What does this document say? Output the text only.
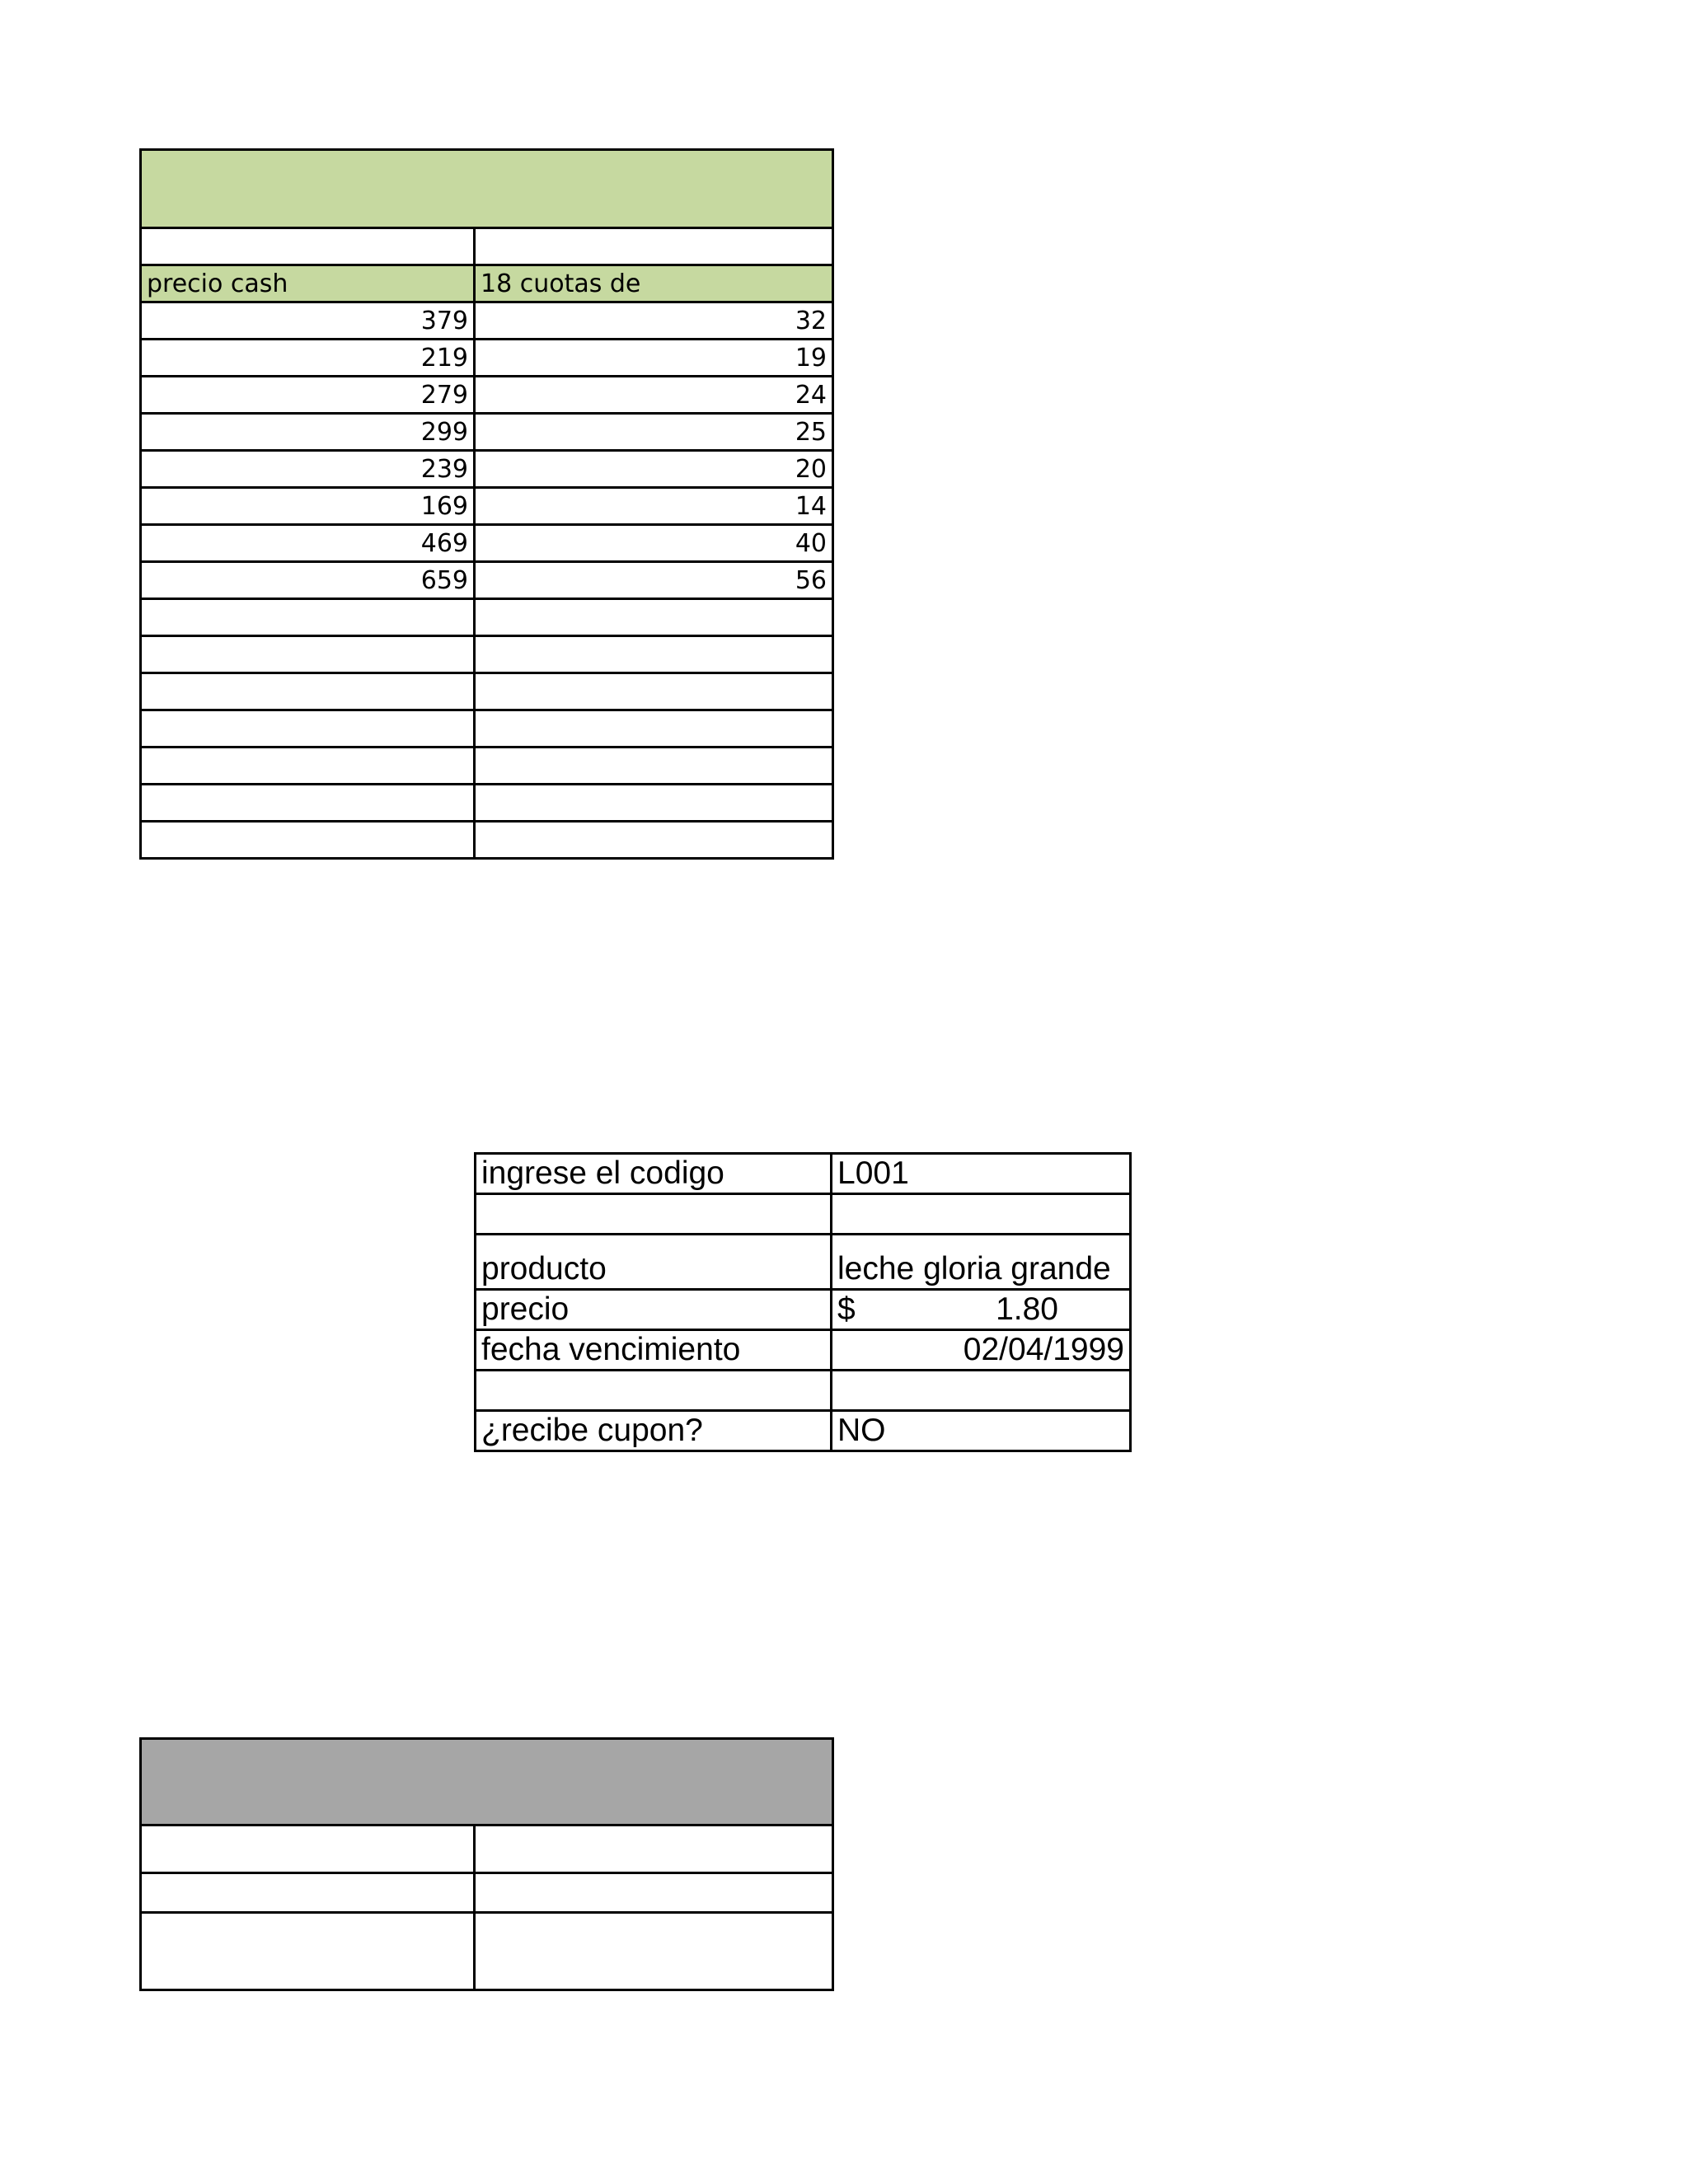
precio cash	18 cuotas de
379	32
219	19
279	24
299	25
239	20
169	14
469	40
659	56

ingrese el codigo	L001

producto	leche gloria grande
precio	$ 1.80

fecha vencimiento	02/04/1999

¿recibe cupon?	NO
